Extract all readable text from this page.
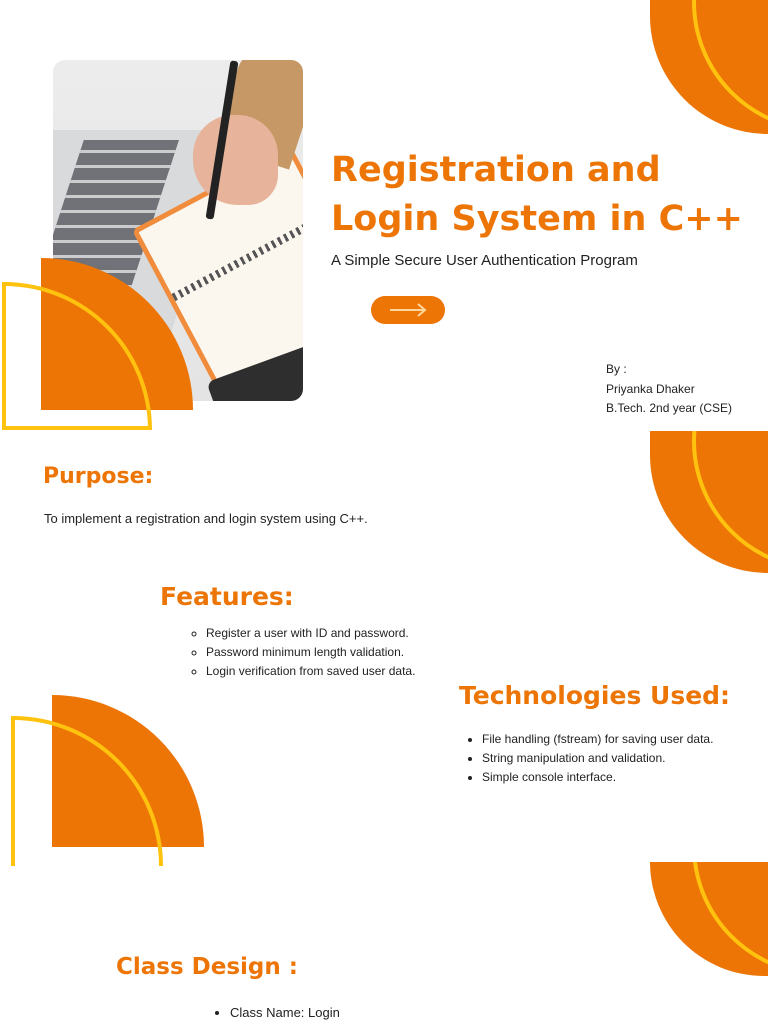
Registration and
Login System in C++
A Simple Secure User Authentication Program
By :
Priyanka Dhaker
B.Tech. 2nd year (CSE)
Purpose:
To implement a registration and login system using C++.
Features:
◦ Register a user with ID and password.
◦ Password minimum length validation.
◦ Login verification from saved user data.
Technologies Used:
• File handling (fstream) for saving user data.
• String manipulation and validation.
• Simple console interface.
Class Design :
• Class Name: Login
